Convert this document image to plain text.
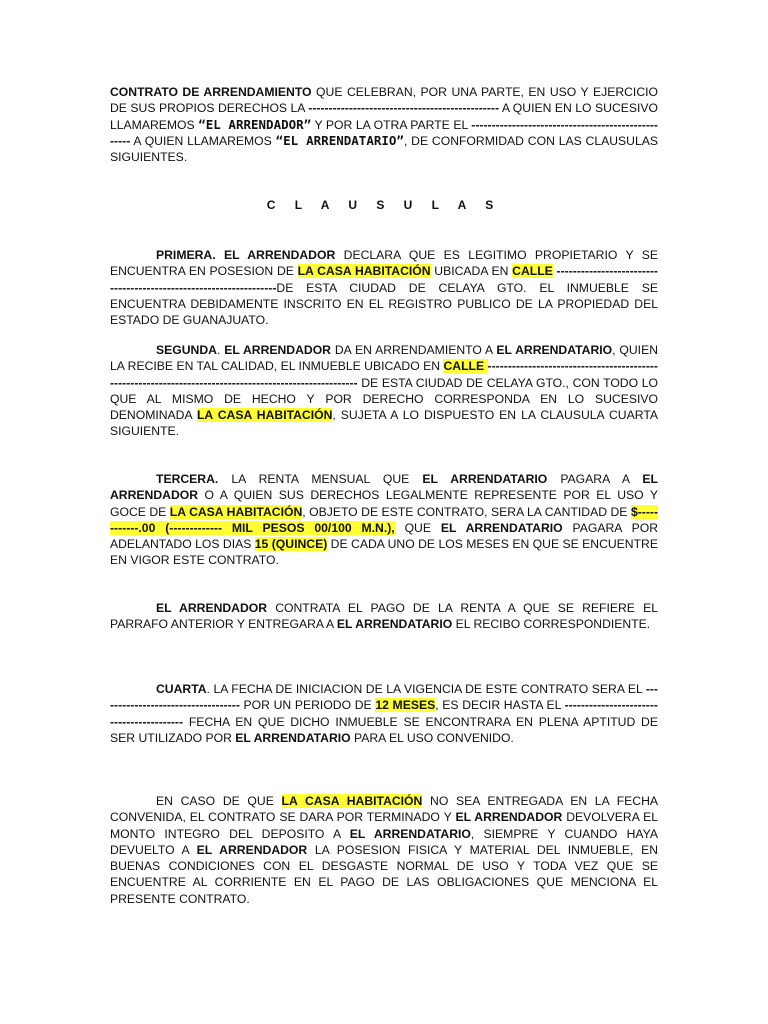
CONTRATO DE ARRENDAMIENTO QUE CELEBRAN, POR UNA PARTE, EN USO Y EJERCICIO DE SUS PROPIOS DERECHOS LA ----------------------------------------------- A QUIEN EN LO SUCESIVO LLAMAREMOS “EL ARRENDADOR” Y POR LA OTRA PARTE EL --------------------------------------------------- A QUIEN LLAMAREMOS “EL ARRENDATARIO”, DE CONFORMIDAD CON LAS CLAUSULAS SIGUIENTES.

C L A U S U L A S

PRIMERA. EL ARRENDADOR DECLARA QUE ES LEGITIMO PROPIETARIO Y SE ENCUENTRA EN POSESION DE LA CASA HABITACIÓN UBICADA EN CALLE ------------------------------------------------------------------DE ESTA CIUDAD DE CELAYA GTO. EL INMUEBLE SE ENCUENTRA DEBIDAMENTE INSCRITO EN EL REGISTRO PUBLICO DE LA PROPIEDAD DEL ESTADO DE GUANAJUATO.

SEGUNDA. EL ARRENDADOR DA EN ARRENDAMIENTO A EL ARRENDATARIO, QUIEN LA RECIBE EN TAL CALIDAD, EL INMUEBLE UBICADO EN CALLE ------------------------------------------------------------------------------------------------------- DE ESTA CIUDAD DE CELAYA GTO., CON TODO LO QUE AL MISMO DE HECHO Y POR DERECHO CORRESPONDA EN LO SUCESIVO DENOMINADA LA CASA HABITACIÓN, SUJETA A LO DISPUESTO EN LA CLAUSULA CUARTA SIGUIENTE.

TERCERA. LA RENTA MENSUAL QUE EL ARRENDATARIO PAGARA A EL ARRENDADOR O A QUIEN SUS DERECHOS LEGALMENTE REPRESENTE POR EL USO Y GOCE DE LA CASA HABITACIÓN, OBJETO DE ESTE CONTRATO, SERA LA CANTIDAD DE $------------.00 (------------- MIL PESOS 00/100 M.N.), QUE EL ARRENDATARIO PAGARA POR ADELANTADO LOS DIAS 15 (QUINCE) DE CADA UNO DE LOS MESES EN QUE SE ENCUENTRE EN VIGOR ESTE CONTRATO.

EL ARRENDADOR CONTRATA EL PAGO DE LA RENTA A QUE SE REFIERE EL PARRAFO ANTERIOR Y ENTREGARA A EL ARRENDATARIO EL RECIBO CORRESPONDIENTE.

CUARTA. LA FECHA DE INICIACION DE LA VIGENCIA DE ESTE CONTRATO SERA EL ----------------------------------- POR UN PERIODO DE 12 MESES, ES DECIR HASTA EL ----------------------------------------- FECHA EN QUE DICHO INMUEBLE SE ENCONTRARA EN PLENA APTITUD DE SER UTILIZADO POR EL ARRENDATARIO PARA EL USO CONVENIDO.

EN CASO DE QUE LA CASA HABITACIÓN NO SEA ENTREGADA EN LA FECHA CONVENIDA, EL CONTRATO SE DARA POR TERMINADO Y EL ARRENDADOR DEVOLVERA EL MONTO INTEGRO DEL DEPOSITO A EL ARRENDATARIO, SIEMPRE Y CUANDO HAYA DEVUELTO A EL ARRENDADOR LA POSESION FISICA Y MATERIAL DEL INMUEBLE, EN BUENAS CONDICIONES CON EL DESGASTE NORMAL DE USO Y TODA VEZ QUE SE ENCUENTRE AL CORRIENTE EN EL PAGO DE LAS OBLIGACIONES QUE MENCIONA EL PRESENTE CONTRATO.
